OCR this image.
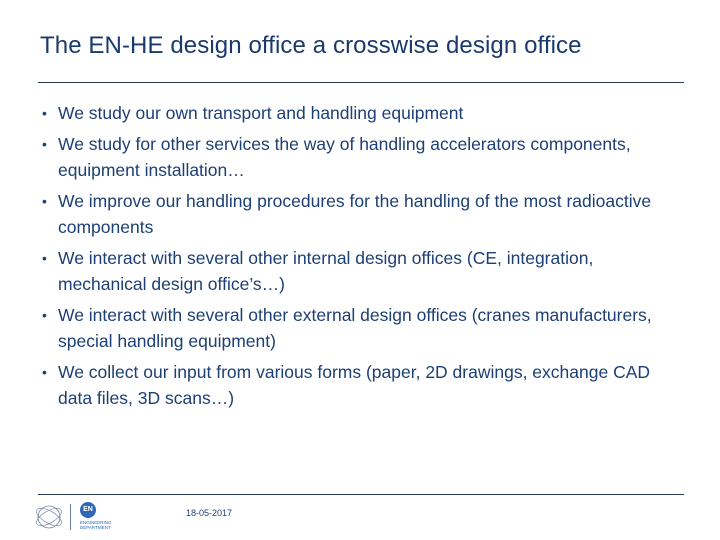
The EN-HE design office a crosswise design office
• We study our own transport and handling equipment
• We study for other services the way of handling accelerators components, equipment installation…
• We improve our handling procedures for the handling of the most radioactive components
• We interact with several other internal design offices (CE, integration, mechanical design office’s…)
• We interact with several other external design offices (cranes manufacturers, special handling equipment)
• We collect our input from various forms (paper, 2D drawings, exchange CAD data files, 3D scans…)
EN
ENGINEERING DEPARTMENT
18-05-2017
